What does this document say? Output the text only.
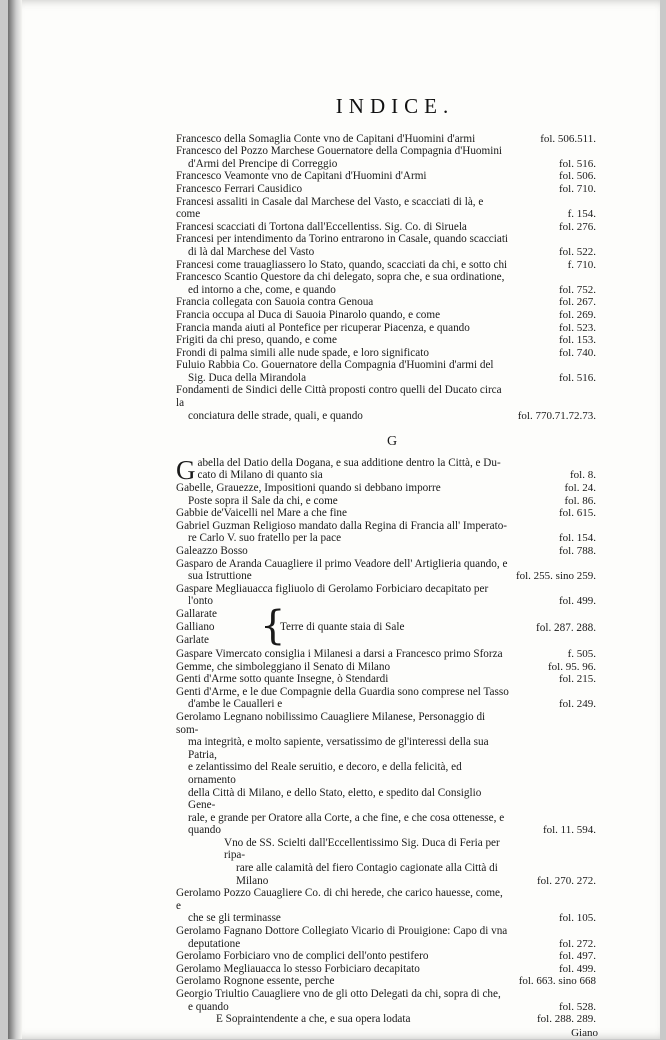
INDICE.
Francesco della Somaglia Conte vno de Capitani d'Huomini d'armi	fol. 506.511.
Francesco del Pozzo Marchese Gouernatore della Compagnia d'Huomini
d'Armi del Prencipe di Correggio	fol. 516.
Francesco Veamonte vno de Capitani d'Huomini d'Armi	fol. 506.
Francesco Ferrari Causidico	fol. 710.
Francesi assaliti in Casale dal Marchese del Vasto, e scacciati di là, e come	f. 154.
Francesi scacciati di Tortona dall'Eccellentiss. Sig. Co. di Siruela	fol. 276.
Francesi per intendimento da Torino entrarono in Casale, quando scacciati
di là dal Marchese del Vasto	fol. 522.
Francesi come trauagliassero lo Stato, quando, scacciati da chi, e sotto chi	f. 710.
Francesco Scantio Questore da chi delegato, sopra che, e sua ordinatione,
ed intorno a che, come, e quando	fol. 752.
Francia collegata con Sauoia contra Genoua	fol. 267.
Francia occupa al Duca di Sauoia Pinarolo quando, e come	fol. 269.
Francia manda aiuti al Pontefice per ricuperar Piacenza, e quando	fol. 523.
Frigiti da chi preso, quando, e come	fol. 153.
Frondi di palma simili alle nude spade, e loro significato	fol. 740.
Fuluio Rabbia Co. Gouernatore della Compagnia d'Huomini d'armi del
Sig. Duca della Mirandola	fol. 516.
Fondamenti de Sindici delle Città proposti contro quelli del Ducato circa la
conciatura delle strade, quali, e quando	fol. 770.71.72.73.
G
G abella del Datio della Dogana, e sua additione dentro la Città, e Du-
cato di Milano di quanto sia	fol. 8.
Gabelle, Grauezze, Impositioni quando si debbano imporre	fol. 24.
Poste sopra il Sale da chi, e come	fol. 86.
Gabbie de'Vaicelli nel Mare a che fine	fol. 615.
Gabriel Guzman Religioso mandato dalla Regina di Francia all' Imperato-
re Carlo V. suo fratello per la pace	fol. 154.
Galeazzo Bosso	fol. 788.
Gasparo de Aranda Cauagliere il primo Veadore dell' Artiglieria quando, e
sua Istruttione	fol. 255. sino 259.
Gaspare Megliauacca figliuolo di Gerolamo Forbiciaro decapitato per
l'onto	fol. 499.
Gallarate
Galliano
Garlate {
Terre di quante staia di Sale	fol. 287. 288.
Gaspare Vimercato consiglia i Milanesi a darsi a Francesco primo Sforza	f. 505.
Gemme, che simboleggiano il Senato di Milano	fol. 95. 96.
Genti d'Arme sotto quante Insegne, ò Stendardi	fol. 215.
Genti d'Arme, e le due Compagnie della Guardia sono comprese nel Tasso
d'ambe le Caualleri e	fol. 249.
Gerolamo Legnano nobilissimo Cauagliere Milanese, Personaggio di som-
ma integrità, e molto sapiente, versatissimo de gl'interessi della sua Patria,
e zelantissimo del Reale seruitio, e decoro, e della felicità, ed ornamento
della Città di Milano, e dello Stato, eletto, e spedito dal Consiglio Gene-
rale, e grande per Oratore alla Corte, a che fine, e che cosa ottenesse, e
quando	fol. 11. 594.
Vno de SS. Scielti dall'Eccellentissimo Sig. Duca di Feria per ripa-
rare alle calamità del fiero Contagio cagionate alla Città di
Milano	fol. 270. 272.
Gerolamo Pozzo Cauagliere Co. di chi herede, che carico hauesse, come, e
che se gli terminasse	fol. 105.
Gerolamo Fagnano Dottore Collegiato Vicario di Prouigione: Capo di vna
deputatione	fol. 272.
Gerolamo Forbiciaro vno de complici dell'onto pestifero	fol. 497.
Gerolamo Megliauacca lo stesso Forbiciaro decapitato	fol. 499.
Gerolamo Rognone essente, perche	fol. 663. sino 668
Georgio Triultio Cauagliere vno de gli otto Delegati da chi, sopra di che,
e quando	fol. 528.
E Sopraintendente a che, e sua opera lodata	fol. 288. 289.
Giano
